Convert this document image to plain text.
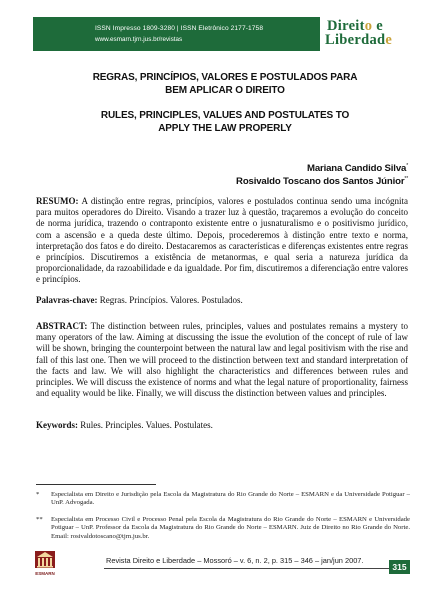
ISSN Impresso 1809-3280 | ISSN Eletrônico 2177-1758
www.esmarn.tjrn.jus.br/revistas
Direito e
Liberdade
REGRAS, PRINCÍPIOS, VALORES E POSTULADOS PARA
BEM APLICAR O DIREITO
RULES, PRINCIPLES, VALUES AND POSTULATES TO
APPLY THE LAW PROPERLY
Mariana Candido Silva*
Rosivaldo Toscano dos Santos Júnior**
RESUMO: A distinção entre regras, princípios, valores e postulados continua sendo uma incógnita para muitos operadores do Direito. Visando a trazer luz à questão, traçaremos a evolução do conceito de norma jurídica, trazendo o contraponto existente entre o jusnaturalismo e o positivismo jurídico, com a ascensão e a queda deste último. Depois, procederemos à distinção entre texto e norma, interpretação dos fatos e do direito. Destacaremos as características e diferenças existentes entre regras e princípios. Discutiremos a existência de metanormas, e qual seria a natureza jurídica da proporcionalidade, da razoabilidade e da igualdade. Por fim, discutiremos a diferenciação entre valores e princípios.
Palavras-chave: Regras. Princípios. Valores. Postulados.
ABSTRACT: The distinction between rules, principles, values and postulates remains a mystery to many operators of the law. Aiming at discussing the issue the evolution of the concept of rule of law will be shown, bringing the counterpoint between the natural law and legal positivism with the rise and fall of this last one. Then we will proceed to the distinction between text and standard interpretation of the facts and law. We will also highlight the characteristics and differences between rules and principles. We will discuss the existence of norms and what the legal nature of proportionality, fairness and equality would be like. Finally, we will discuss the distinction between values and principles.
Keywords: Rules. Principles. Values. Postulates.
*	Especialista em Direito e Jurisdição pela Escola da Magistratura do Rio Grande do Norte – ESMARN e da Universidade Potiguar – UnP. Advogada.
**	Especialista em Processo Civil e Processo Penal pela Escola da Magistratura do Rio Grande do Norte – ESMARN e Universidade Potiguar – UnP. Professor da Escola da Magistratura do Rio Grande do Norte – ESMARN. Juiz de Direito no Rio Grande do Norte. Email: rosivaldotoscano@tjrn.jus.br.
ESMARN
Revista Direito e Liberdade – Mossoró – v. 6, n. 2, p. 315 – 346 – jan/jun 2007.
315
